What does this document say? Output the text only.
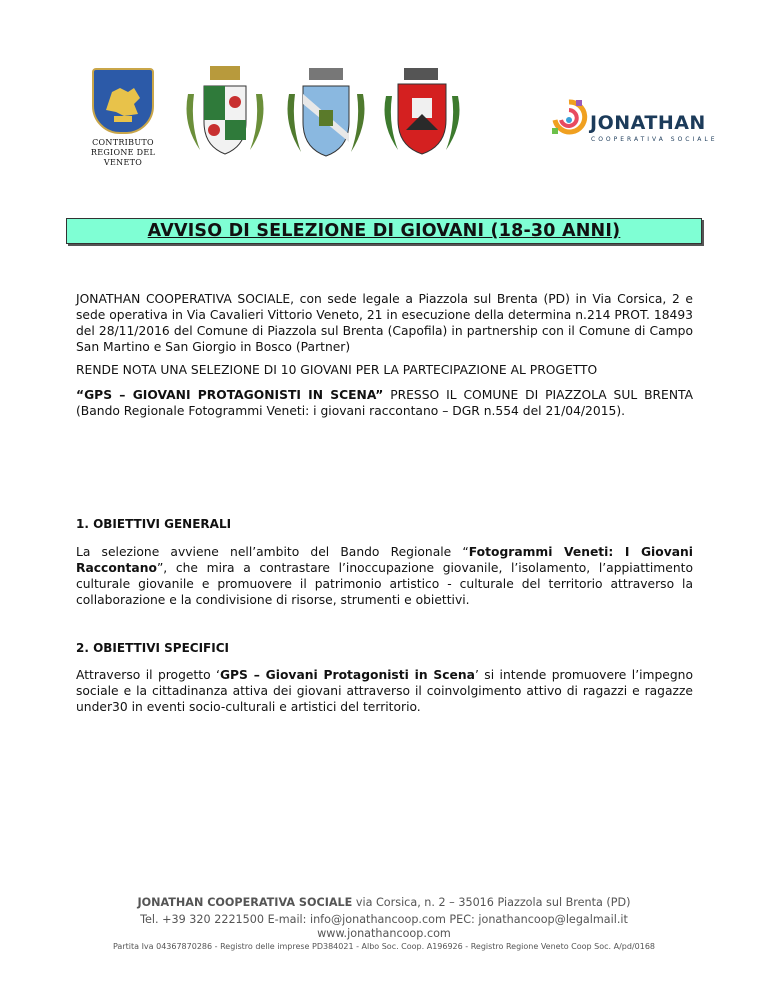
CONTRIBUTO
REGIONE DEL VENETO
JONATHAN
COOPERATIVA SOCIALE
AVVISO DI SELEZIONE DI GIOVANI (18-30 ANNI)
JONATHAN COOPERATIVA SOCIALE, con sede legale a Piazzola sul Brenta (PD) in Via Corsica, 2 e sede operativa in Via Cavalieri Vittorio Veneto, 21 in esecuzione della determina n.214 PROT. 18493 del 28/11/2016 del Comune di Piazzola sul Brenta (Capofila) in partnership con il Comune di Campo San Martino e San Giorgio in Bosco (Partner)
RENDE NOTA UNA SELEZIONE DI 10 GIOVANI PER LA PARTECIPAZIONE AL PROGETTO
“GPS – GIOVANI PROTAGONISTI IN SCENA” PRESSO IL COMUNE DI PIAZZOLA SUL BRENTA (Bando Regionale Fotogrammi Veneti: i giovani raccontano – DGR n.554 del 21/04/2015).
1. OBIETTIVI GENERALI
La selezione avviene nell’ambito del Bando Regionale “Fotogrammi Veneti: I Giovani Raccontano”, che mira a contrastare l’inoccupazione giovanile, l’isolamento, l’appiattimento culturale giovanile e promuovere il patrimonio artistico - culturale del territorio attraverso la collaborazione e la condivisione di risorse, strumenti e obiettivi.
2. OBIETTIVI SPECIFICI
Attraverso il progetto ‘GPS – Giovani Protagonisti in Scena’ si intende promuovere l’impegno sociale e la cittadinanza attiva dei giovani attraverso il coinvolgimento attivo di ragazzi e ragazze under30 in eventi socio-culturali e artistici del territorio.
JONATHAN COOPERATIVA SOCIALE via Corsica, n. 2 – 35016 Piazzola sul Brenta (PD)
Tel. +39 320 2221500 E-mail: info@jonathancoop.com PEC: jonathancoop@legalmail.it
www.jonathancoop.com
Partita Iva 04367870286 - Registro delle imprese PD384021 - Albo Soc. Coop. A196926 - Registro Regione Veneto Coop Soc. A/pd/0168
